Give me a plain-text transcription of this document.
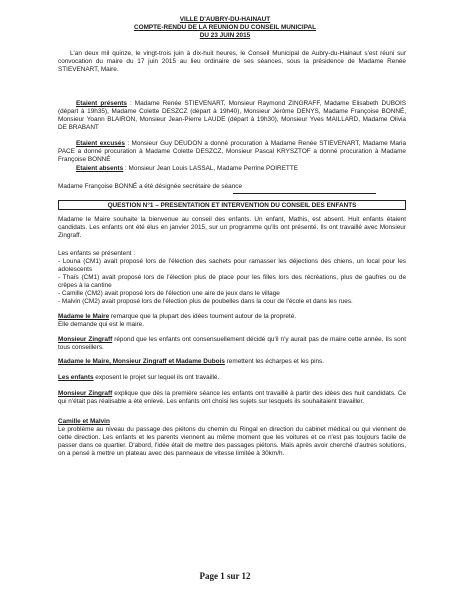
VILLE D'AUBRY-DU-HAINAUT
COMPTE-RENDU DE LA REUNION DU CONSEIL MUNICIPAL
DU 23 JUIN 2015
L'an deux mil quinze, le vingt-trois juin à dix-huit heures, le Conseil Municipal de Aubry-du-Hainaut s'est réuni sur convocation du maire du 17 juin 2015 au lieu ordinaire de ses séances, sous la présidence de Madame Renée STIEVENART, Maire.
Etaient présents : Madame Renée STIEVENART, Monsieur Raymond ZINGRAFF, Madame Elisabeth DUBOIS (départ à 19h35), Madame Colette DESZCZ (départ à 19h40), Monsieur Jérôme DENYS, Madame Françoise BONNÉ, Monsieur Yoann BLAIRON, Monsieur Jean-Pierre LAUDE (départ à 19h30), Monsieur Yves MAILLARD, Madame Olivia DE BRABANT
Etaient excusés : Monsieur Guy DEUDON a donné procuration à Madame Renée STIEVENART, Madame Maria PACE a donné procuration à Madame Colette DESZCZ, Monsieur Pascal KRYSZTOF a donné procuration à Madame Françoise BONNÉ
Etaient absents : Monsieur Jean Louis LASSAL, Madame Perrine POIRETTE
Madame Françoise BONNÉ a été désignée secrétaire de séance
QUESTION N°1 – PRESENTATION ET INTERVENTION DU CONSEIL DES ENFANTS
Madame le Maire souhaite la bienvenue au conseil des enfants. Un enfant, Mathis, est absent. Huit enfants étaient candidats. Les enfants ont été élus en janvier 2015, sur un programme qu'ils ont présenté. Ils ont travaillé avec Monsieur Zingraff.
Les enfants se présentent :
- Louna (CM1) avait proposé lors de l'élection des sachets pour ramasser les déjections des chiens, un local pour les adolescents
- Thaïs (CM1) avait proposé lors de l'élection plus de place pour les filles lors des récréations, plus de gaufres ou de crêpes à la cantine
- Camille (CM2) avait proposé lors de l'élection une aire de jeux dans le village
- Malvin (CM2) avait proposé lors de l'élection plus de poubelles dans la cour de l'école et dans les rues.
Madame le Maire remarque que la plupart des idées tournent autour de la propreté.
Elle demande qui est le maire.
Monsieur Zingraff répond que les enfants ont consensuellement décidé qu'il n'y aurait pas de maire cette année. Ils sont tous conseillers.
Madame le Maire, Monsieur Zingraff et Madame Dubois remettent les écharpes et les pins.
Les enfants exposent le projet sur lequel ils ont travaillé.
Monsieur Zingraff explique que dès la première séance les enfants ont travaillé à partir des idées des huit candidats. Ce qui n'était pas réalisable a été enlevé. Les enfants ont choisi les sujets sur lesquels ils souhaitaient travailler.
Camille et Malvin
Le problème au niveau du passage des piétons du chemin du Ringal en direction du cabinet médical ou qui viennent de cette direction. Les enfants et les parents viennent au même moment que les voitures et ce n'est pas toujours facile de passer dans ce quartier. D'abord, l'idée était de mettre des passages piétons. Mais après avoir cherché d'autres solutions, on a pensé à mettre un plateau avec des panneaux de vitesse limitée à 30km/h.
Page 1 sur 12
